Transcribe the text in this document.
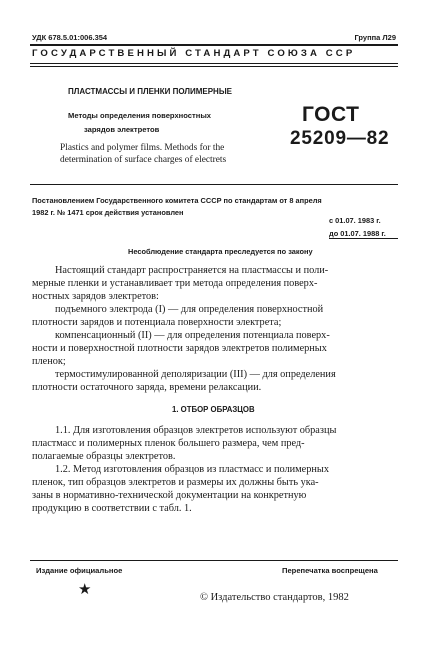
УДК 678.5.01:006.354	Группа Л29
ГОСУДАРСТВЕННЫЙ СТАНДАРТ СОЮЗА ССР
ПЛАСТМАССЫ И ПЛЕНКИ ПОЛИМЕРНЫЕ
Методы определения поверхностных
зарядов электретов
Plastics and polymer films. Methods for the
determination of surface charges of electrets
ГОСТ
25209—82
Постановлением Государственного комитета СССР по стандартам от 8 апреля
1982 г. № 1471 срок действия установлен
с 01.07. 1983 г.
до 01.07. 1988 г.
Несоблюдение стандарта преследуется по закону
Настоящий стандарт распространяется на пластмассы и поли-
мерные пленки и устанавливает три метода определения поверх-
ностных зарядов электретов:
подъемного электрода (I) — для определения поверхностной
плотности зарядов и потенциала поверхности электрета;
компенсационный (II) — для определения потенциала поверх-
ности и поверхностной плотности зарядов электретов полимерных
пленок;
термостимулированной деполяризации (III) — для определения
плотности остаточного заряда, времени релаксации.
1. ОТБОР ОБРАЗЦОВ
1.1. Для изготовления образцов электретов используют образцы
пластмасс и полимерных пленок большего размера, чем пред-
полагаемые образцы электретов.
1.2. Метод изготовления образцов из пластмасс и полимерных
пленок, тип образцов электретов и размеры их должны быть ука-
заны в нормативно-технической документации на конкретную
продукцию в соответствии с табл. 1.
Издание официальное	Перепечатка воспрещена
★	© Издательство стандартов, 1982
